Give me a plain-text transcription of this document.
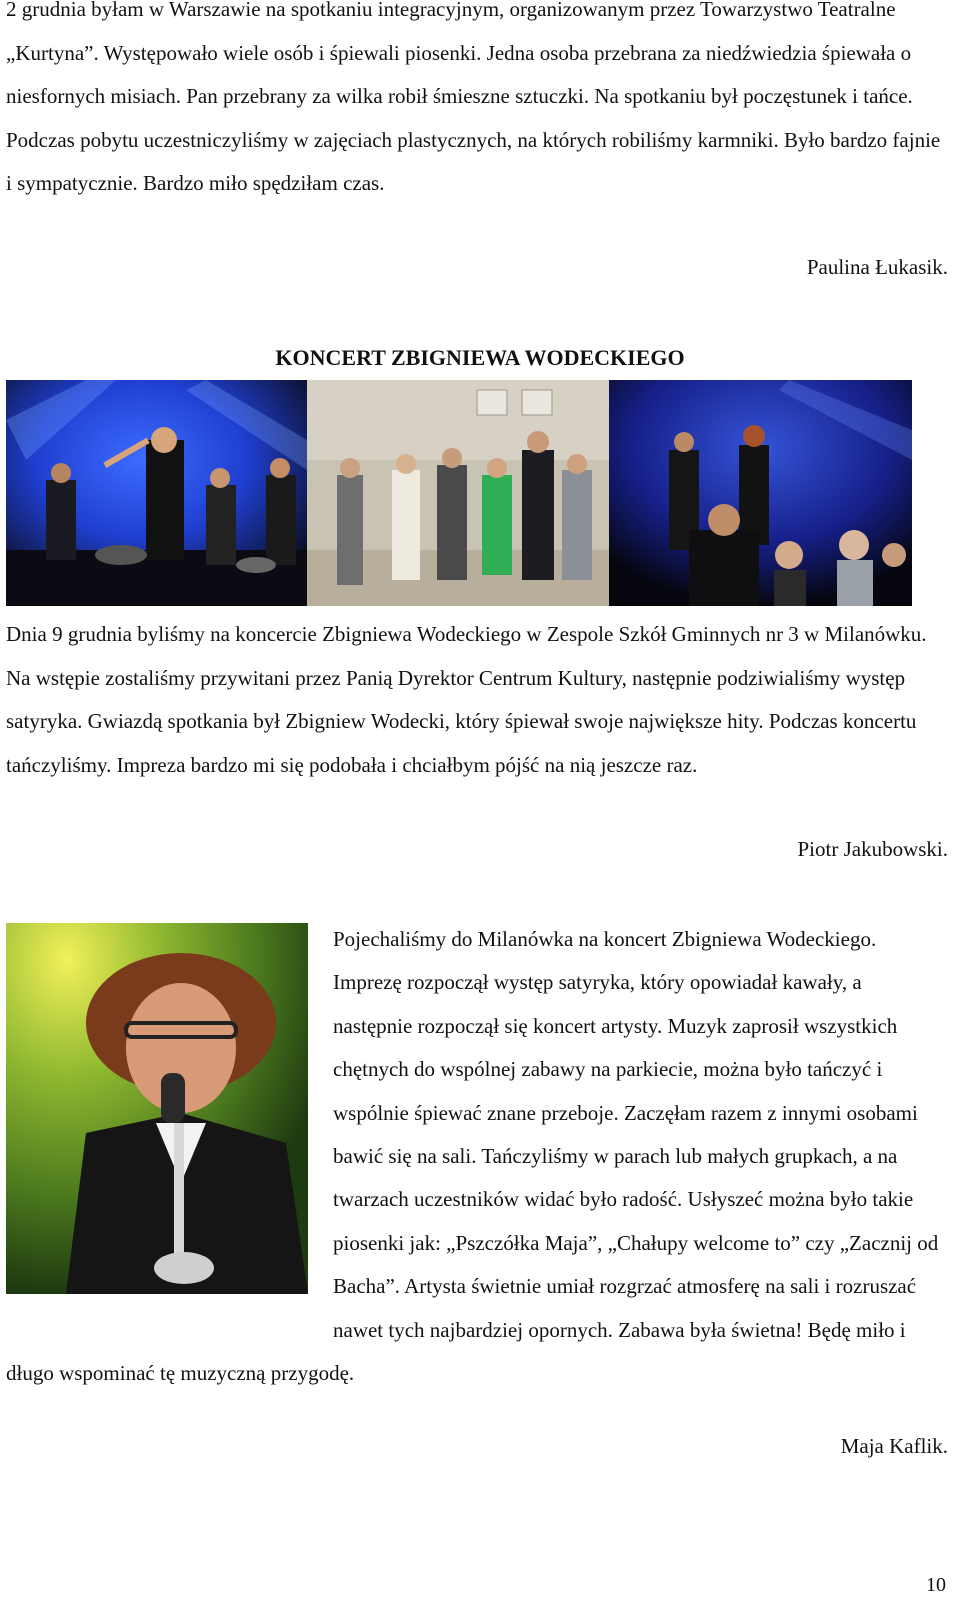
2 grudnia byłam w Warszawie na spotkaniu integracyjnym, organizowanym przez Towarzystwo Teatralne „Kurtyna”. Występowało wiele osób i śpiewali piosenki. Jedna osoba przebrana za niedźwiedzia śpiewała o niesfornych misiach. Pan przebrany za wilka robił śmieszne sztuczki. Na spotkaniu był poczęstunek i tańce. Podczas pobytu uczestniczyliśmy w zajęciach plastycznych, na których robiliśmy karmniki. Było bardzo fajnie i sympatycznie. Bardzo miło spędziłam czas.

Paulina Łukasik.

KONCERT ZBIGNIEWA WODECKIEGO

Dnia 9 grudnia byliśmy na koncercie Zbigniewa Wodeckiego w Zespole Szkół Gminnych nr 3 w Milanówku. Na wstępie zostaliśmy przywitani przez Panią Dyrektor Centrum Kultury, następnie podziwialiśmy występ satyryka. Gwiazdą spotkania był Zbigniew Wodecki, który śpiewał swoje największe hity. Podczas koncertu tańczyliśmy. Impreza bardzo mi się podobała i chciałbym pójść na nią jeszcze raz.

Piotr Jakubowski.

Pojechaliśmy do Milanówka na koncert Zbigniewa Wodeckiego. Imprezę rozpoczął występ satyryka, który opowiadał kawały, a następnie rozpoczął się koncert artysty. Muzyk zaprosił wszystkich chętnych do wspólnej zabawy na parkiecie, można było tańczyć i wspólnie śpiewać znane przeboje. Zaczęłam razem z innymi osobami bawić się na sali. Tańczyliśmy w parach lub małych grupkach, a na twarzach uczestników widać było radość. Usłyszeć można było takie piosenki jak: „Pszczółka Maja”, „Chałupy welcome to” czy „Zacznij od Bacha”. Artysta świetnie umiał rozgrzać atmosferę na sali i rozruszać nawet tych najbardziej opornych. Zabawa była świetna! Będę miło i długo wspominać tę muzyczną przygodę.

Maja Kaflik.

10
